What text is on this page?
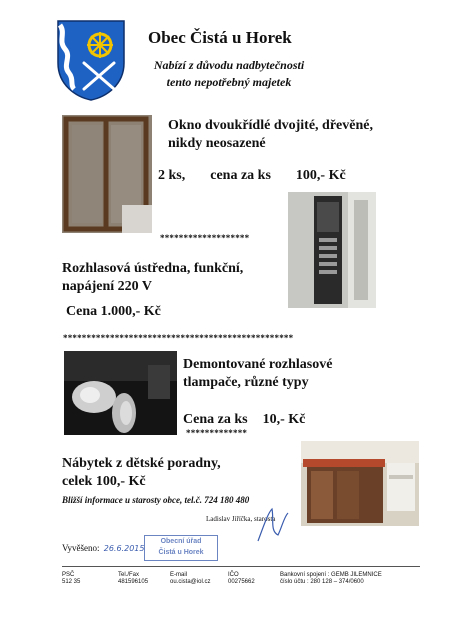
Obec Čistá u Horek
Nabízí z důvodu nadbytečnosti
tento nepotřebný majetek
Okno dvoukřídlé dvojité, dřevěné,
nikdy neosazené
2 ks, cena za ks 100,- Kč
*******************
Rozhlasová ústředna, funkční,
napájení 220 V
Cena 1.000,- Kč
*************************************************
Demontované rozhlasové
tlampače, různé typy
Cena za ks 10,- Kč
*************
Nábytek z dětské poradny,
celek 100,- Kč
Bližší informace u starosty obce, tel.č. 724 180 480
Ladislav Jiříčka, starosta
Vyvěšeno: 26.6.2015
Obecní úřad
Čistá u Horek
PSČ
512 35
Tel./Fax
481596105
E-mail
ou.cista@iol.cz
IČO
00275662
Bankovní spojení : GEMB JILEMNICE
číslo účtu : 280 128 – 374/0600
